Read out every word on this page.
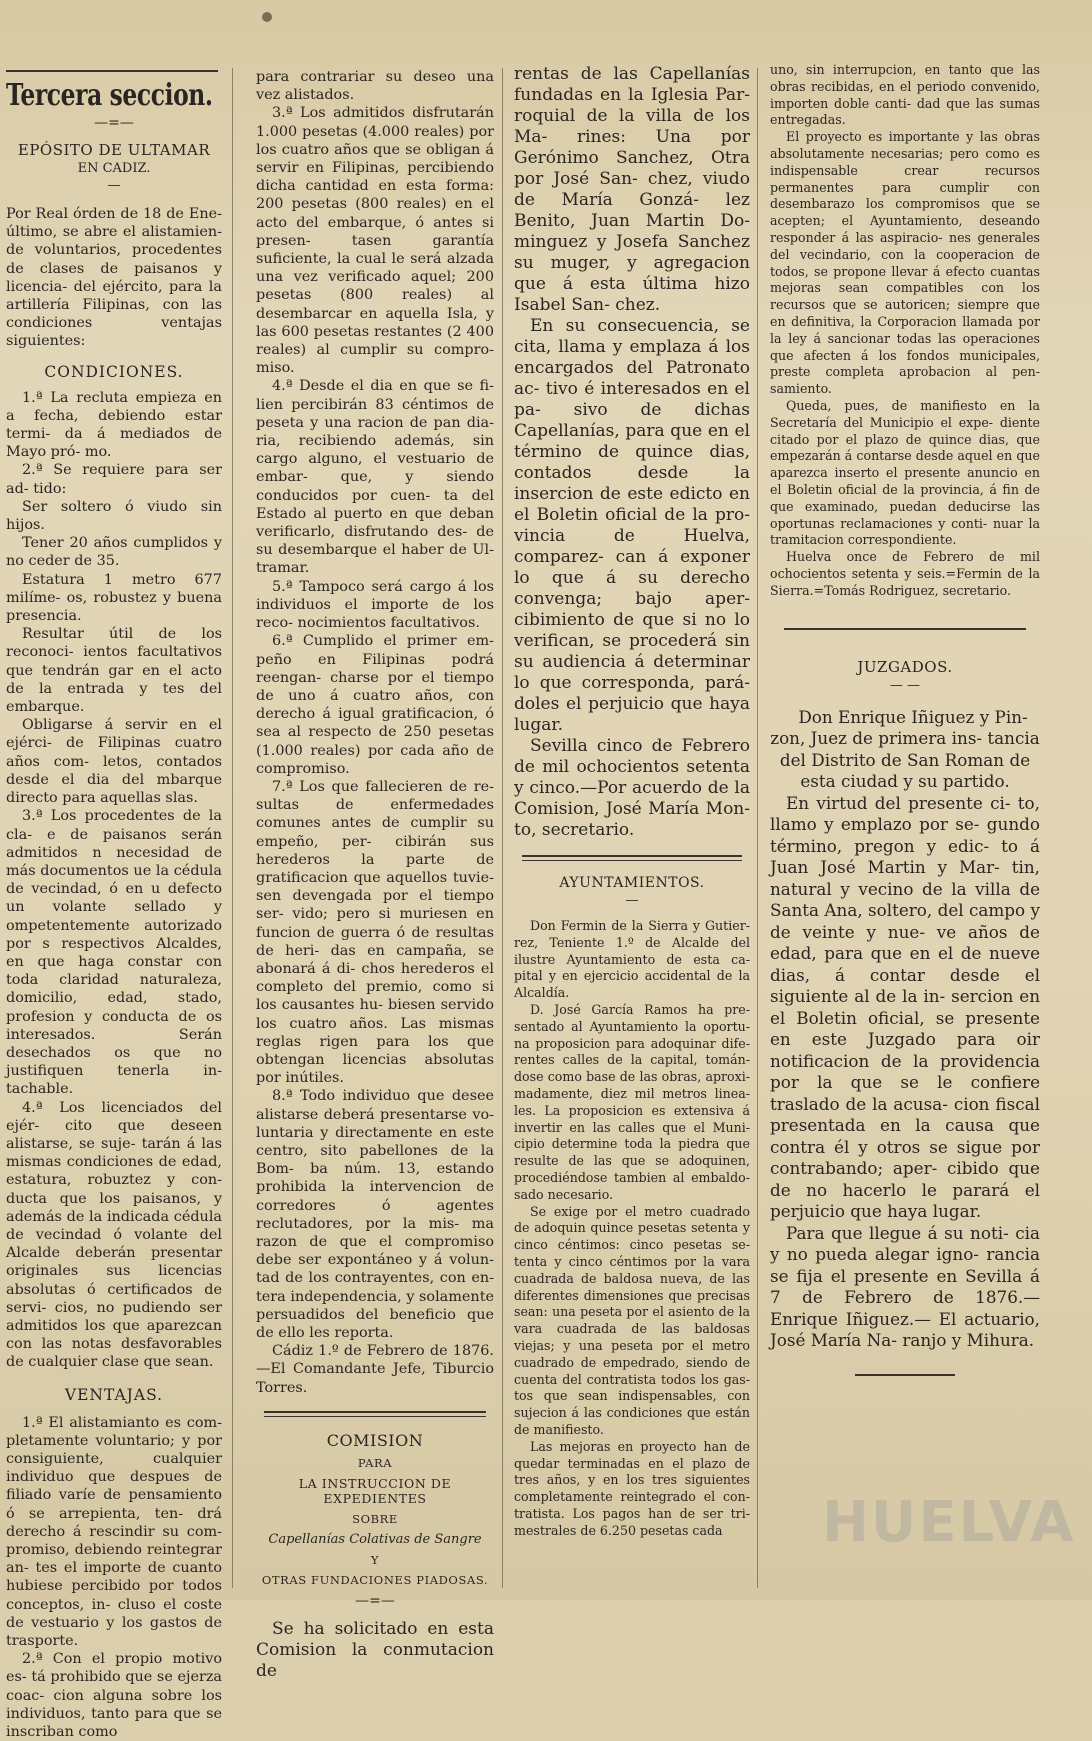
Tercera seccion.
—=—
EPÓSITO DE ULTAMAR
EN CADIZ.
—

Por Real órden de 18 de Ene- último, se abre el alistamien- de voluntarios, procedentes de clases de paisanos y licencia- del ejército, para la artillería Filipinas, con las condiciones ventajas siguientes:

CONDICIONES.

1.ª La recluta empieza en a fecha, debiendo estar termi- da á mediados de Mayo pró- mo.

2.ª Se requiere para ser ad- tido:

Ser soltero ó viudo sin hijos.

Tener 20 años cumplidos y no ceder de 35.

Estatura 1 metro 677 milíme- os, robustez y buena presencia.

Resultar útil de los reconoci- ientos facultativos que tendrán gar en el acto de la entrada y tes del embarque.

Obligarse á servir en el ejérci- de Filipinas cuatro años com- letos, contados desde el dia del mbarque directo para aquellas slas.

3.ª Los procedentes de la cla- e de paisanos serán admitidos n necesidad de más documentos ue la cédula de vecindad, ó en u defecto un volante sellado y ompetentemente autorizado por s respectivos Alcaldes, en que haga constar con toda claridad naturaleza, domicilio, edad, stado, profesion y conducta de os interesados. Serán desechados os que no justifiquen tenerla in- tachable.

4.ª Los licenciados del ejér- cito que deseen alistarse, se suje- tarán á las mismas condiciones de edad, estatura, robuztez y con- ducta que los paisanos, y además de la indicada cédula de vecindad ó volante del Alcalde deberán presentar originales sus licencias absolutas ó certificados de servi- cios, no pudiendo ser admitidos los que aparezcan con las notas desfavorables de cualquier clase que sean.

VENTAJAS.

1.ª El alistamianto es com- pletamente voluntario; y por consiguiente, cualquier individuo que despues de filiado varíe de pensamiento ó se arrepienta, ten- drá derecho á rescindir su com- promiso, debiendo reintegrar an- tes el importe de cuanto hubiese percibido por todos conceptos, in- cluso el coste de vestuario y los gastos de trasporte.

2.ª Con el propio motivo es- tá prohibido que se ejerza coac- cion alguna sobre los individuos, tanto para que se inscriban como

para contrariar su deseo una vez alistados.

3.ª Los admitidos disfrutarán 1.000 pesetas (4.000 reales) por los cuatro años que se obligan á servir en Filipinas, percibiendo dicha cantidad en esta forma: 200 pesetas (800 reales) en el acto del embarque, ó antes si presen- tasen garantía suficiente, la cual le será alzada una vez verificado aquel; 200 pesetas (800 reales) al desembarcar en aquella Isla, y las 600 pesetas restantes (2 400 reales) al cumplir su compro- miso.

4.ª Desde el dia en que se fi- lien percibirán 83 céntimos de peseta y una racion de pan dia- ria, recibiendo además, sin cargo alguno, el vestuario de embar- que, y siendo conducidos por cuen- ta del Estado al puerto en que deban verificarlo, disfrutando des- de su desembarque el haber de Ul- tramar.

5.ª Tampoco será cargo á los individuos el importe de los reco- nocimientos facultativos.

6.ª Cumplido el primer em- peño en Filipinas podrá reengan- charse por el tiempo de uno á cuatro años, con derecho á igual gratificacion, ó sea al respecto de 250 pesetas (1.000 reales) por cada año de compromiso.

7.ª Los que fallecieren de re- sultas de enfermedades comunes antes de cumplir su empeño, per- cibirán sus herederos la parte de gratificacion que aquellos tuvie- sen devengada por el tiempo ser- vido; pero si muriesen en funcion de guerra ó de resultas de heri- das en campaña, se abonará á di- chos herederos el completo del premio, como si los causantes hu- biesen servido los cuatro años. Las mismas reglas rigen para los que obtengan licencias absolutas por inútiles.

8.ª Todo individuo que desee alistarse deberá presentarse vo- luntaria y directamente en este centro, sito pabellones de la Bom- ba núm. 13, estando prohibida la intervencion de corredores ó agentes reclutadores, por la mis- ma razon de que el compromiso debe ser expontáneo y á volun- tad de los contrayentes, con en- tera independencia, y solamente persuadidos del beneficio que de ello les reporta.

Cádiz 1.º de Febrero de 1876. —El Comandante Jefe, Tiburcio Torres.

COMISION
PARA
LA INSTRUCCION DE EXPEDIENTES
SOBRE
Capellanías Colativas de Sangre
Y
OTRAS FUNDACIONES PIADOSAS.
—=—

Se ha solicitado en esta Comision la conmutacion de

rentas de las Capellanías fundadas en la Iglesia Par- roquial de la villa de los Ma- rines: Una por Gerónimo Sanchez, Otra por José San- chez, viudo de María Gonzá- lez Benito, Juan Martin Do- minguez y Josefa Sanchez su muger, y agregacion que á esta última hizo Isabel San- chez.

En su consecuencia, se cita, llama y emplaza á los encargados del Patronato ac- tivo é interesados en el pa- sivo de dichas Capellanías, para que en el término de quince dias, contados desde la insercion de este edicto en el Boletin oficial de la pro- vincia de Huelva, comparez- can á exponer lo que á su derecho convenga; bajo aper- cibimiento de que si no lo verifican, se procederá sin su audiencia á determinar lo que corresponda, pará- doles el perjuicio que haya lugar.

Sevilla cinco de Febrero de mil ochocientos setenta y cinco.—Por acuerdo de la Comision, José María Mon- to, secretario.

AYUNTAMIENTOS.
—

Don Fermin de la Sierra y Gutier- rez, Teniente 1.º de Alcalde del ilustre Ayuntamiento de esta ca- pital y en ejercicio accidental de la Alcaldía.

D. José García Ramos ha pre- sentado al Ayuntamiento la oportu- na proposicion para adoquinar dife- rentes calles de la capital, tomán- dose como base de las obras, aproxi- madamente, diez mil metros linea- les. La proposicion es extensiva á invertir en las calles que el Muni- cipio determine toda la piedra que resulte de las que se adoquinen, procediéndose tambien al embaldo- sado necesario.

Se exige por el metro cuadrado de adoquin quince pesetas setenta y cinco céntimos: cinco pesetas se- tenta y cinco céntimos por la vara cuadrada de baldosa nueva, de las diferentes dimensiones que precisas sean: una peseta por el asiento de la vara cuadrada de las baldosas viejas; y una peseta por el metro cuadrado de empedrado, siendo de cuenta del contratista todos los gas- tos que sean indispensables, con sujecion á las condiciones que están de manifiesto.

Las mejoras en proyecto han de quedar terminadas en el plazo de tres años, y en los tres siguientes completamente reintegrado el con- tratista. Los pagos han de ser tri- mestrales de 6.250 pesetas cada

uno, sin interrupcion, en tanto que las obras recibidas, en el periodo convenido, importen doble canti- dad que las sumas entregadas.

El proyecto es importante y las obras absolutamente necesarias; pero como es indispensable crear recursos permanentes para cumplir con desembarazo los compromisos que se acepten; el Ayuntamiento, deseando responder á las aspiracio- nes generales del vecindario, con la cooperacion de todos, se propone llevar á efecto cuantas mejoras sean compatibles con los recursos que se autoricen; siempre que en definitiva, la Corporacion llamada por la ley á sancionar todas las operaciones que afecten á los fondos municipales, preste completa aprobacion al pen- samiento.

Queda, pues, de manifiesto en la Secretaría del Municipio el expe- diente citado por el plazo de quince dias, que empezarán á contarse desde aquel en que aparezca inserto el presente anuncio en el Boletin oficial de la provincia, á fin de que examinado, puedan deducirse las oportunas reclamaciones y conti- nuar la tramitacion correspondiente.

Huelva once de Febrero de mil ochocientos setenta y seis.=Fermin de la Sierra.=Tomás Rodriguez, secretario.

JUZGADOS.
— —

Don Enrique Iñiguez y Pin- zon, Juez de primera ins- tancia del Distrito de San Roman de esta ciudad y su partido.

En virtud del presente ci- to, llamo y emplazo por se- gundo término, pregon y edic- to á Juan José Martin y Mar- tin, natural y vecino de la villa de Santa Ana, soltero, del campo y de veinte y nue- ve años de edad, para que en el de nueve dias, á contar desde el siguiente al de la in- sercion en el Boletin oficial, se presente en este Juzgado para oir notificacion de la providencia por la que se le confiere traslado de la acusa- cion fiscal presentada en la causa que contra él y otros se sigue por contrabando; aper- cibido que de no hacerlo le parará el perjuicio que haya lugar.

Para que llegue á su noti- cia y no pueda alegar igno- rancia se fija el presente en Sevilla á 7 de Febrero de 1876.—Enrique Iñiguez.— El actuario, José María Na- ranjo y Mihura.

HUELVA
